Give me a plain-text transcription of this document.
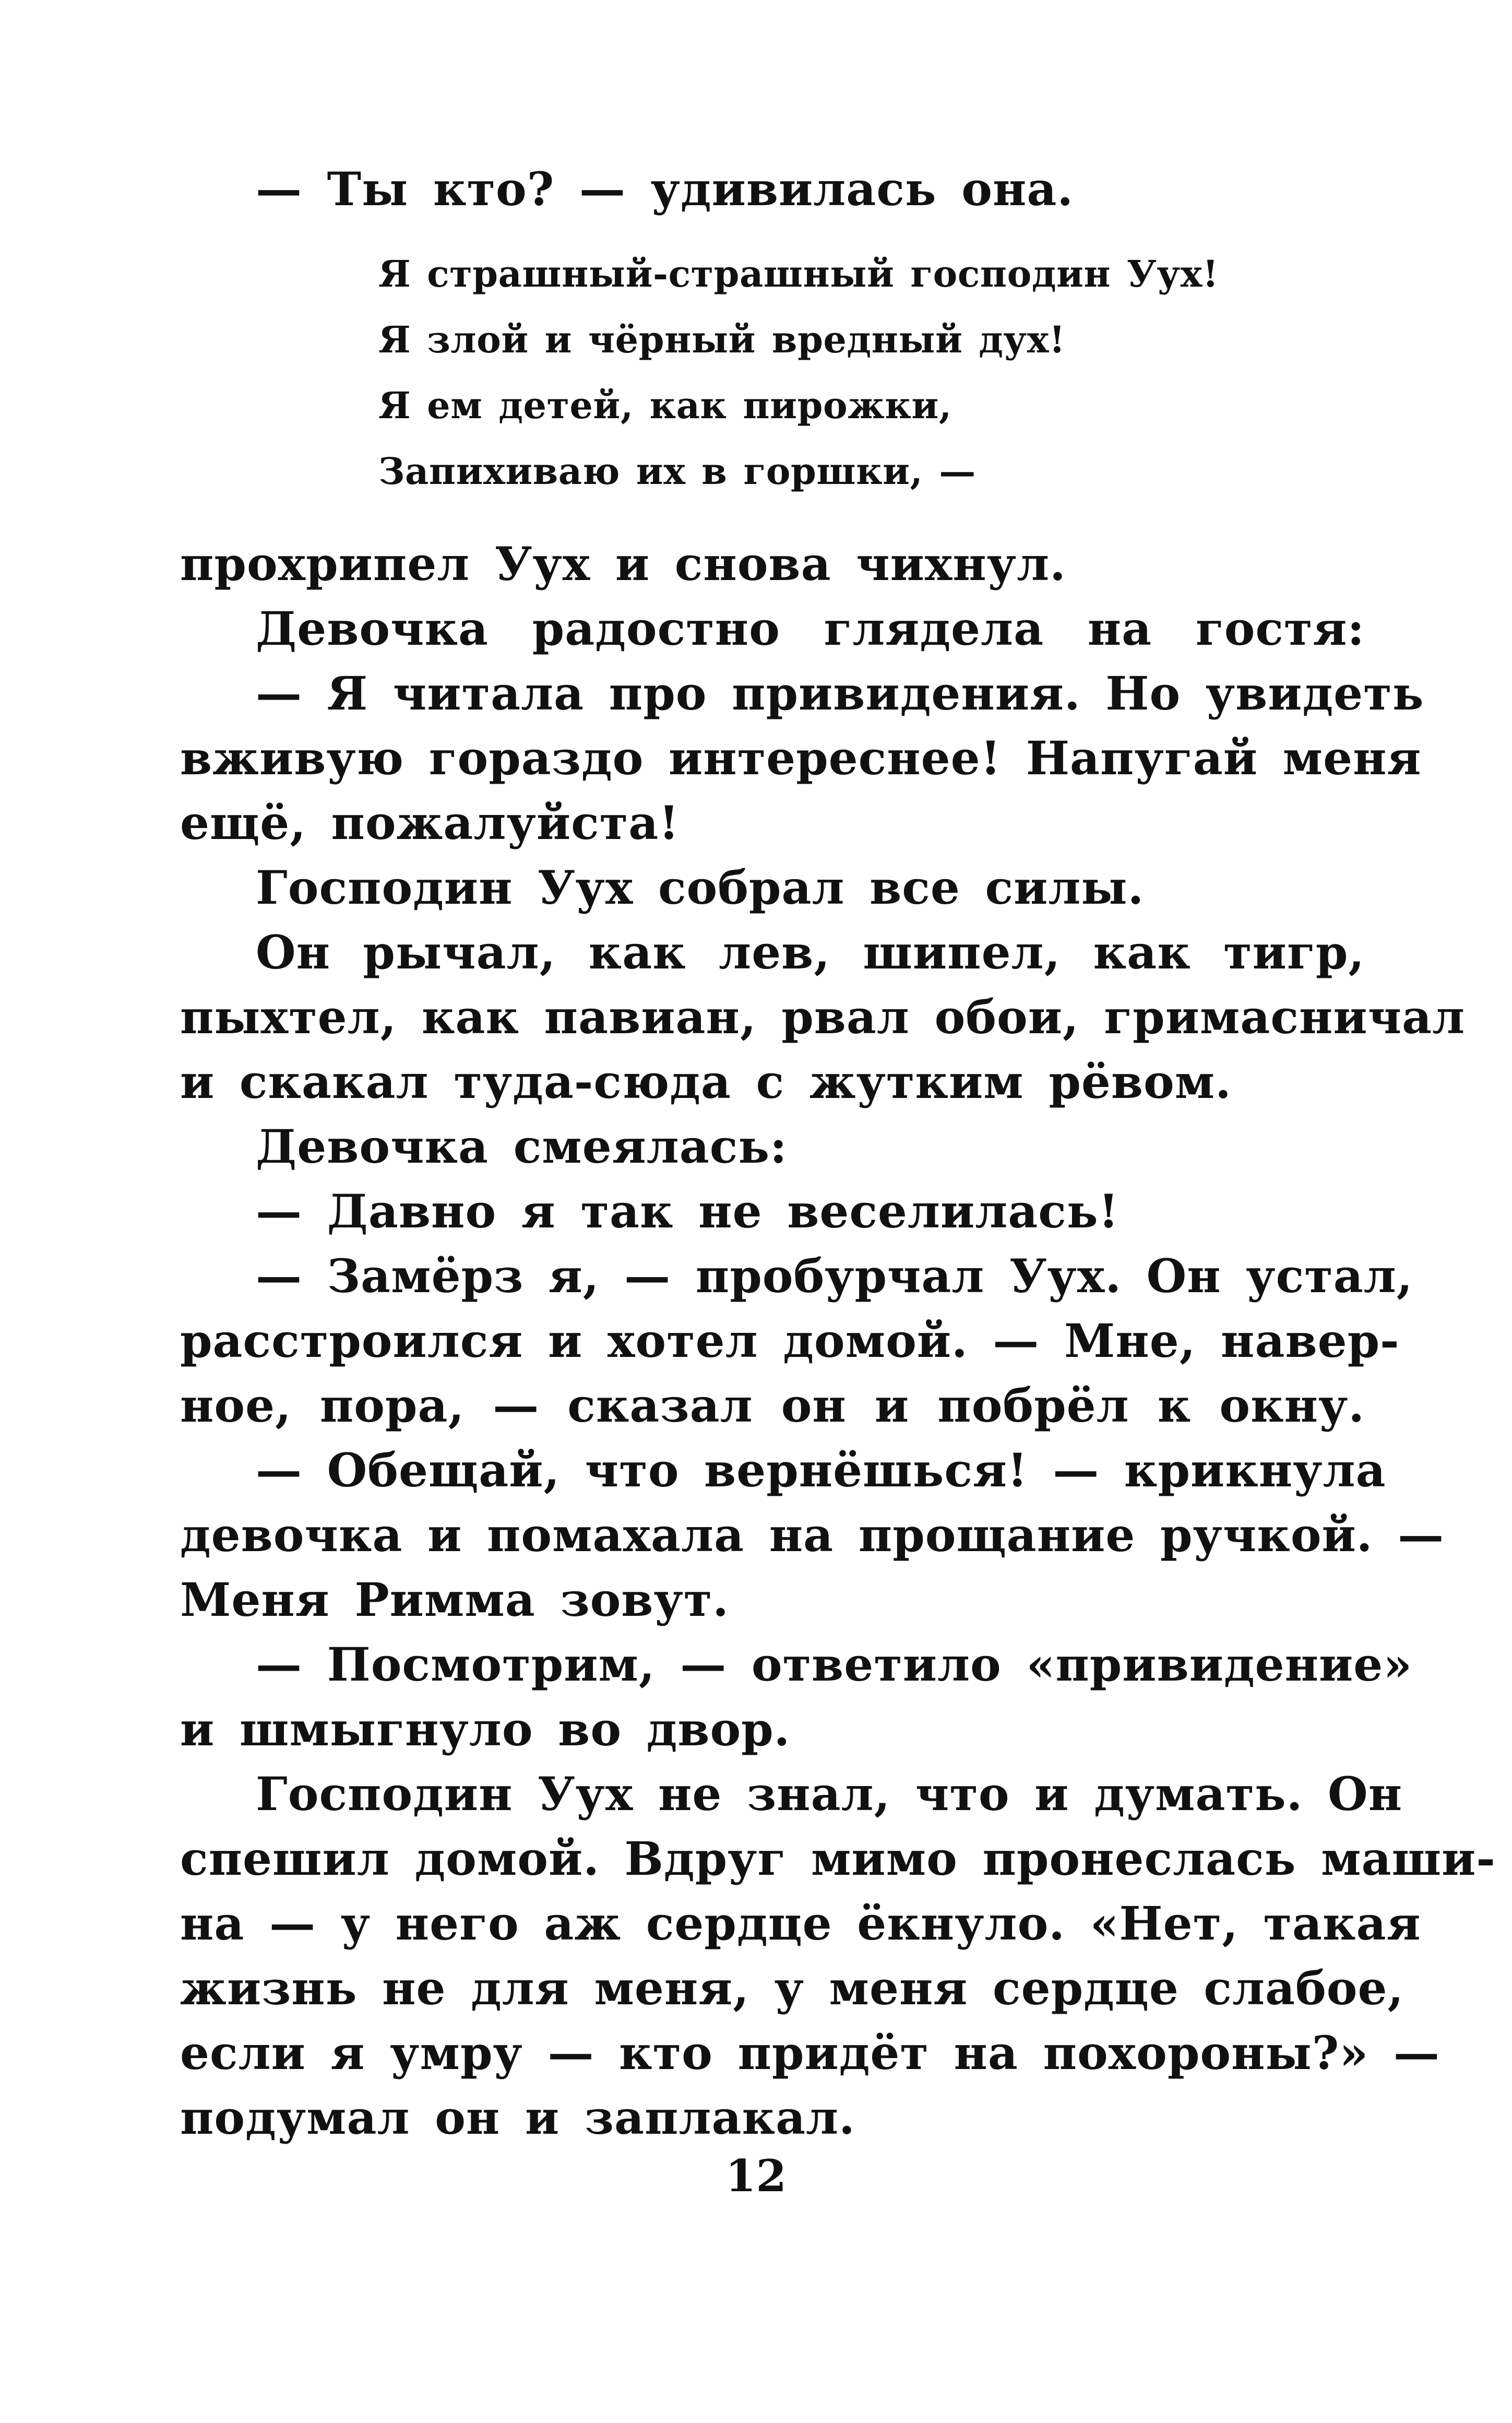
— Ты кто? — удивилась она.
Я страшный-страшный господин Уух!
Я злой и чёрный вредный дух!
Я ем детей, как пирожки,
Запихиваю их в горшки, —
прохрипел Уух и снова чихнул.
Девочка радостно глядела на гостя:
— Я читала про привидения. Но увидеть
вживую гораздо интереснее! Напугай меня
ещё, пожалуйста!
Господин Уух собрал все силы.
Он рычал, как лев, шипел, как тигр,
пыхтел, как павиан, рвал обои, гримасничал
и скакал туда-сюда с жутким рёвом.
Девочка смеялась:
— Давно я так не веселилась!
— Замёрз я, — пробурчал Уух. Он устал,
расстроился и хотел домой. — Мне, навер-
ное, пора, — сказал он и побрёл к окну.
— Обещай, что вернёшься! — крикнула
девочка и помахала на прощание ручкой. —
Меня Римма зовут.
— Посмотрим, — ответило «привидение»
и шмыгнуло во двор.
Господин Уух не знал, что и думать. Он
спешил домой. Вдруг мимо пронеслась маши-
на — у него аж сердце ёкнуло. «Нет, такая
жизнь не для меня, у меня сердце слабое,
если я умру — кто придёт на похороны?» —
подумал он и заплакал.
12
